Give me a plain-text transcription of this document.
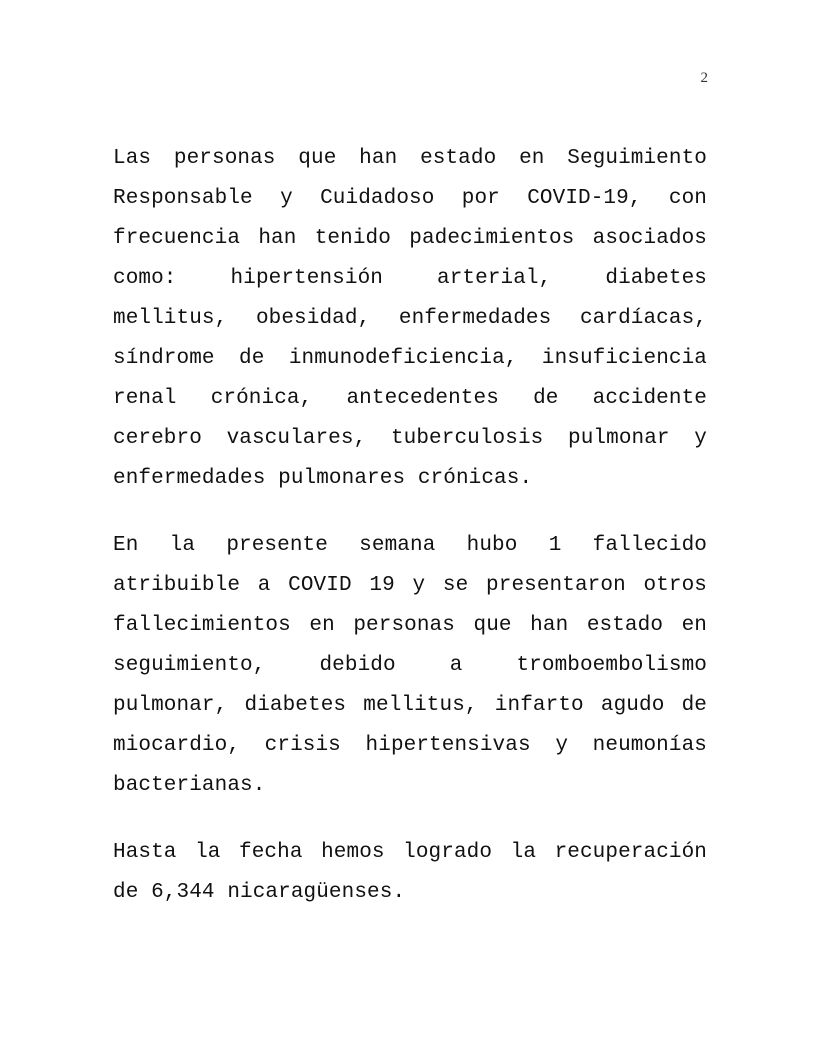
2

Las personas que han estado en Seguimiento Responsable y Cuidadoso por COVID-19, con frecuencia han tenido padecimientos asociados como: hipertensión arterial, diabetes mellitus, obesidad, enfermedades cardíacas, síndrome de inmunodeficiencia, insuficiencia renal crónica, antecedentes de accidente cerebro vasculares, tuberculosis pulmonar y enfermedades pulmonares crónicas.

En la presente semana hubo 1 fallecido atribuible a COVID 19 y se presentaron otros fallecimientos en personas que han estado en seguimiento, debido a tromboembolismo pulmonar, diabetes mellitus, infarto agudo de miocardio, crisis hipertensivas y neumonías bacterianas.

Hasta la fecha hemos logrado la recuperación de 6,344 nicaragüenses.
